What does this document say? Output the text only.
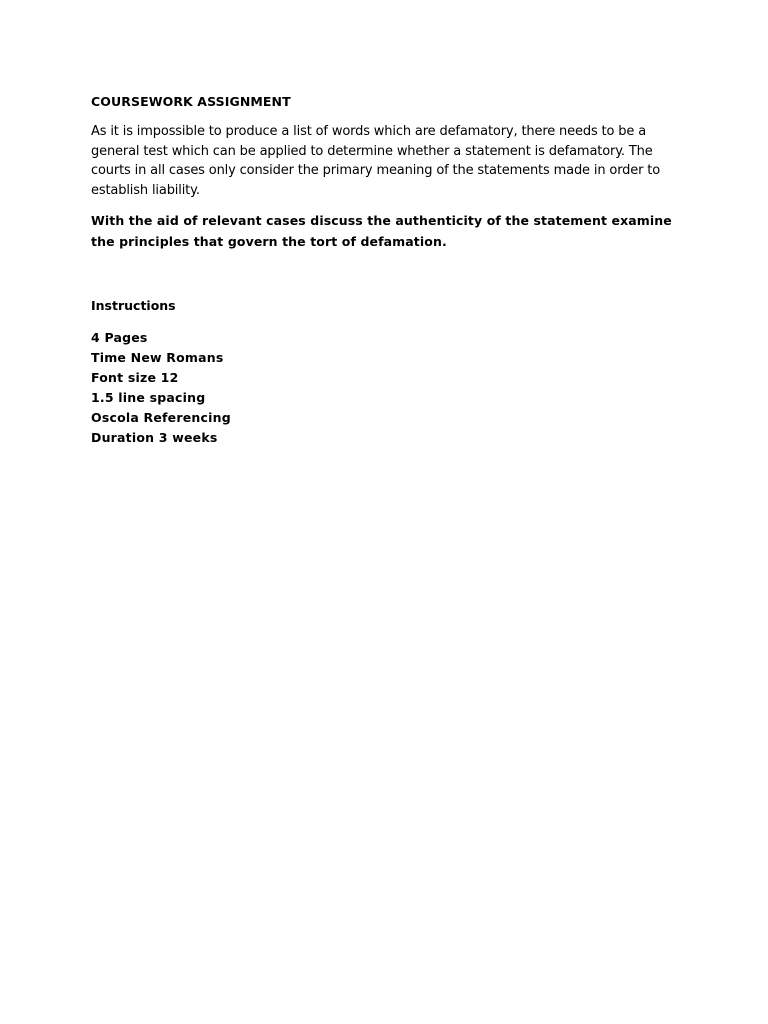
COURSEWORK ASSIGNMENT

As it is impossible to produce a list of words which are defamatory, there needs to be a general test which can be applied to determine whether a statement is defamatory. The courts in all cases only consider the primary meaning of the statements made in order to establish liability.

With the aid of relevant cases discuss the authenticity of the statement examine the principles that govern the tort of defamation.

Instructions
4 Pages
Time New Romans
Font size 12
1.5 line spacing
Oscola Referencing
Duration 3 weeks
